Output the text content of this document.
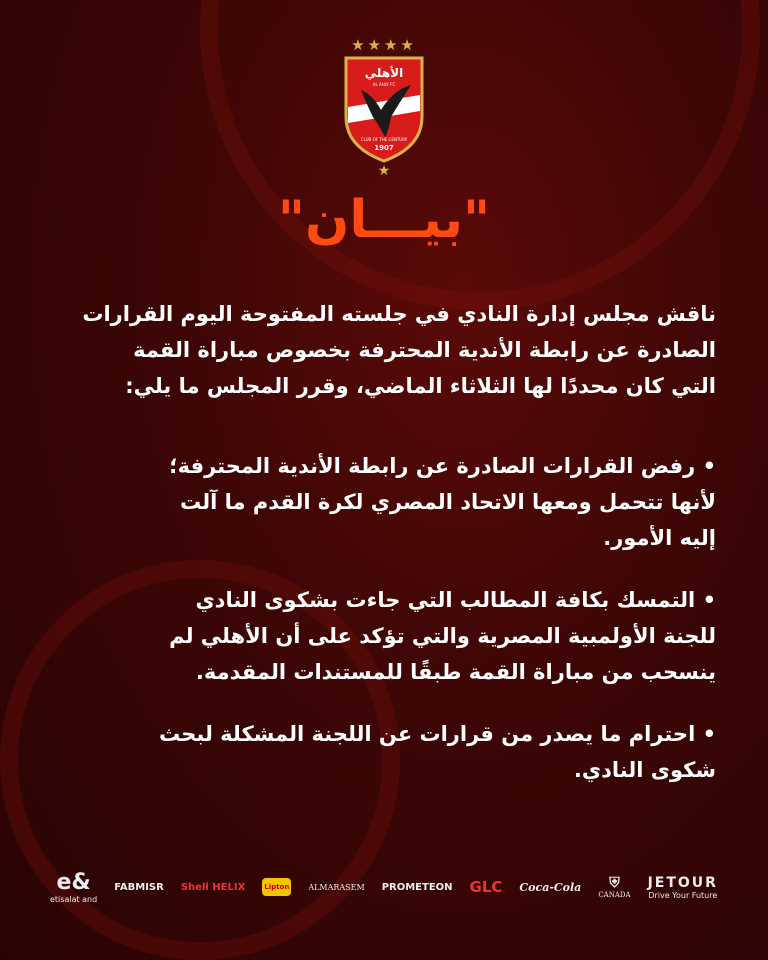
★★★★
الأهلي
AL AHLY FC
CLUB OF THE CENTURY
1907
★
"بيـــان"
ناقش مجلس إدارة النادي في جلسته المفتوحة اليوم القرارات
الصادرة عن رابطة الأندية المحترفة بخصوص مباراة القمة
التي كان محددًا لها الثلاثاء الماضي، وقرر المجلس ما يلي:
• رفض القرارات الصادرة عن رابطة الأندية المحترفة؛
لأنها تتحمل ومعها الاتحاد المصري لكرة القدم ما آلت
إليه الأمور.
• التمسك بكافة المطالب التي جاءت بشكوى النادي
للجنة الأولمبية المصرية والتي تؤكد على أن الأهلي لم
ينسحب من مباراة القمة طبقًا للمستندات المقدمة.
• احترام ما يصدر من قرارات عن اللجنة المشكلة لبحث
شكوى النادي.
e&
etisalat and
FABMISR Shell HELIX	Lipton ALMARASEM PROMETEON GLC Coca-Cola ⛨
CANADA
JETOUR
Drive Your Future
